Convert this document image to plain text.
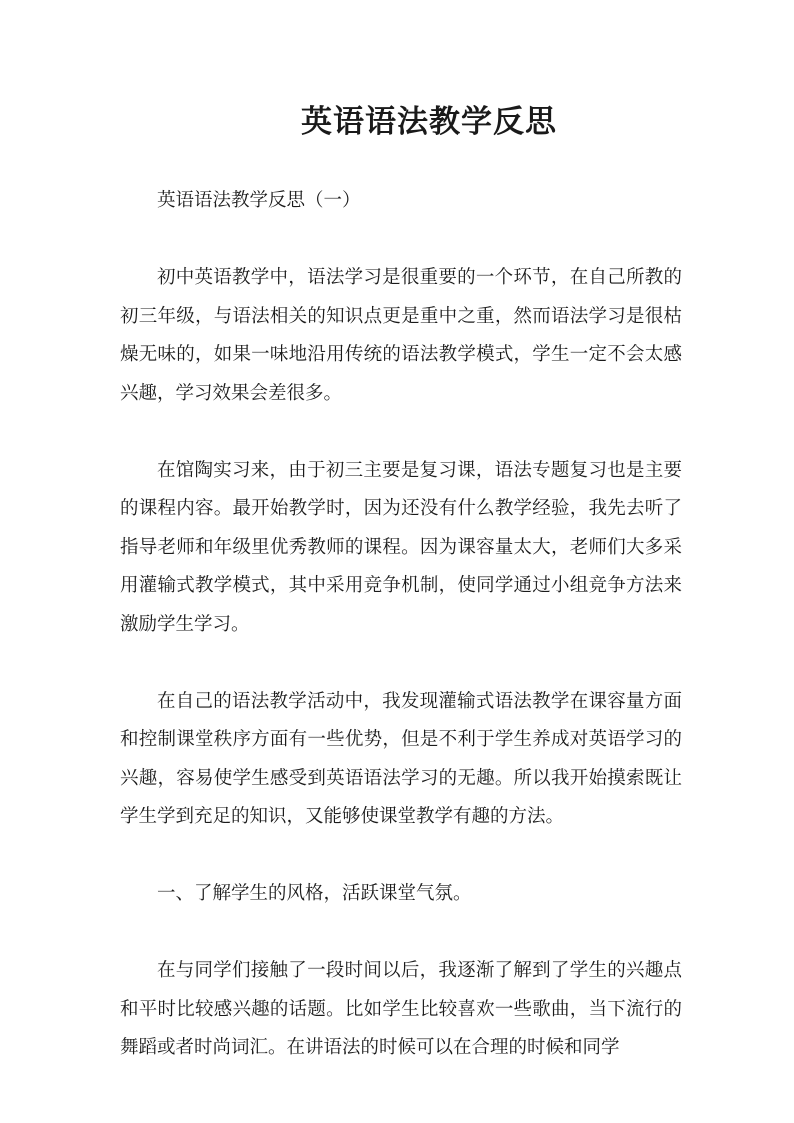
英语语法教学反思

英语语法教学反思（一）

初中英语教学中，语法学习是很重要的一个环节，在自己所教的初三年级，与语法相关的知识点更是重中之重，然而语法学习是很枯燥无味的，如果一味地沿用传统的语法教学模式，学生一定不会太感兴趣，学习效果会差很多。

在馆陶实习来，由于初三主要是复习课，语法专题复习也是主要的课程内容。最开始教学时，因为还没有什么教学经验，我先去听了指导老师和年级里优秀教师的课程。因为课容量太大，老师们大多采用灌输式教学模式，其中采用竞争机制，使同学通过小组竞争方法来激励学生学习。

在自己的语法教学活动中，我发现灌输式语法教学在课容量方面和控制课堂秩序方面有一些优势，但是不利于学生养成对英语学习的兴趣，容易使学生感受到英语语法学习的无趣。所以我开始摸索既让学生学到充足的知识，又能够使课堂教学有趣的方法。

一、了解学生的风格，活跃课堂气氛。

在与同学们接触了一段时间以后，我逐渐了解到了学生的兴趣点和平时比较感兴趣的话题。比如学生比较喜欢一些歌曲，当下流行的舞蹈或者时尚词汇。在讲语法的时候可以在合理的时候和同学
